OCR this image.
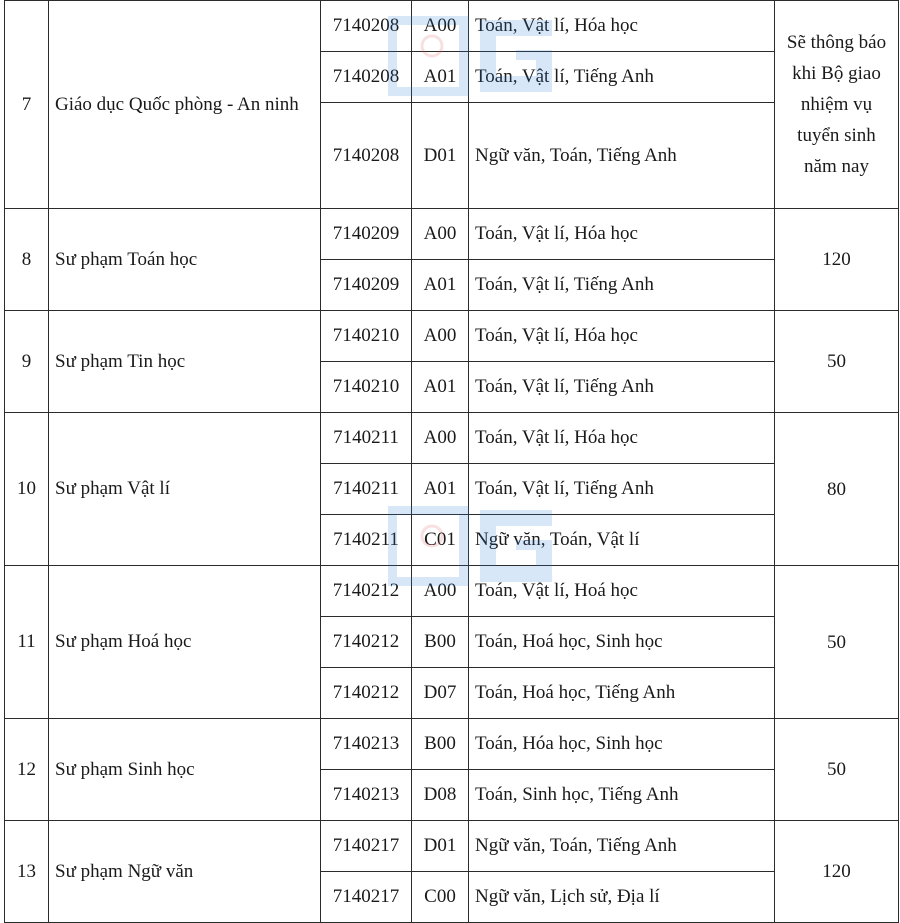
7	Giáo dục Quốc phòng - An ninh	7140208	A00	Toán, Vật lí, Hóa học	Sẽ thông báo khi Bộ giao nhiệm vụ tuyển sinh năm nay
		7140208	A01	Toán, Vật lí, Tiếng Anh	
		7140208	D01	Ngữ văn, Toán, Tiếng Anh	
8	Sư phạm Toán học	7140209	A00	Toán, Vật lí, Hóa học	120
		7140209	A01	Toán, Vật lí, Tiếng Anh	
9	Sư phạm Tin học	7140210	A00	Toán, Vật lí, Hóa học	50
		7140210	A01	Toán, Vật lí, Tiếng Anh	
10	Sư phạm Vật lí	7140211	A00	Toán, Vật lí, Hóa học	80
		7140211	A01	Toán, Vật lí, Tiếng Anh	
		7140211	C01	Ngữ văn, Toán, Vật lí	
11	Sư phạm Hoá học	7140212	A00	Toán, Vật lí, Hoá học	50
		7140212	B00	Toán, Hoá học, Sinh học	
		7140212	D07	Toán, Hoá học, Tiếng Anh	
12	Sư phạm Sinh học	7140213	B00	Toán, Hóa học, Sinh học	50
		7140213	D08	Toán, Sinh học, Tiếng Anh	
13	Sư phạm Ngữ văn	7140217	D01	Ngữ văn, Toán, Tiếng Anh	120
		7140217	C00	Ngữ văn, Lịch sử, Địa lí	
